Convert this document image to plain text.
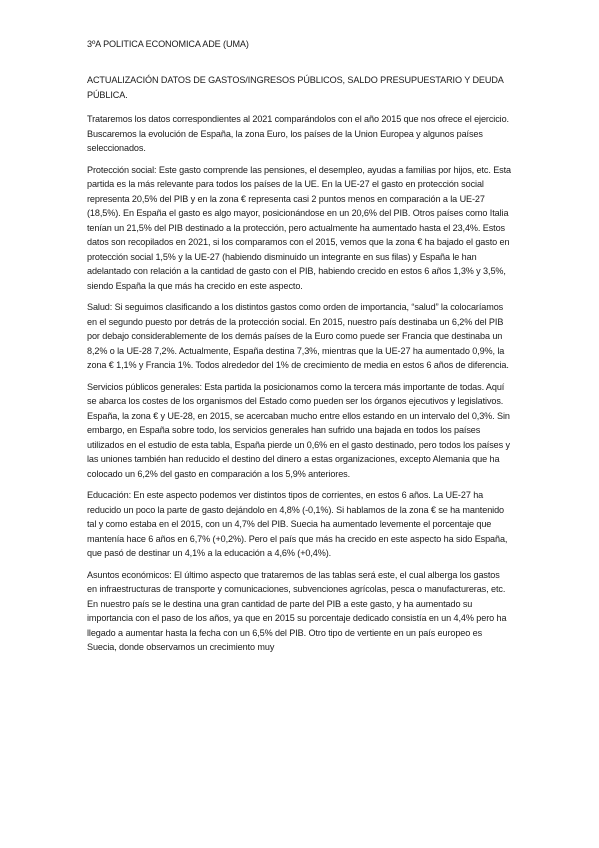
3ºA POLITICA ECONOMICA ADE (UMA)
ACTUALIZACIÓN DATOS DE GASTOS/INGRESOS PÚBLICOS, SALDO PRESUPUESTARIO Y DEUDA PÚBLICA.

Trataremos los datos correspondientes al 2021 comparándolos con el año 2015 que nos ofrece el ejercicio. Buscaremos la evolución de España, la zona Euro, los países de la Union Europea y algunos países seleccionados.

Protección social: Este gasto comprende las pensiones, el desempleo, ayudas a familias por hijos, etc. Esta partida es la más relevante para todos los países de la UE. En la UE-27 el gasto en protección social representa 20,5% del PIB y en la zona € representa casi 2 puntos menos en comparación a la UE-27 (18,5%). En España el gasto es algo mayor, posicionándose en un 20,6% del PIB. Otros países como Italia tenían un 21,5% del PIB destinado a la protección, pero actualmente ha aumentado hasta el 23,4%. Estos datos son recopilados en 2021, si los comparamos con el 2015, vemos que la zona € ha bajado el gasto en protección social 1,5% y la UE-27 (habiendo disminuido un integrante en sus filas) y España le han adelantado con relación a la cantidad de gasto con el PIB, habiendo crecido en estos 6 años 1,3% y 3,5%, siendo España la que más ha crecido en este aspecto.

Salud: Si seguimos clasificando a los distintos gastos como orden de importancia, “salud” la colocaríamos en el segundo puesto por detrás de la protección social. En 2015, nuestro país destinaba un 6,2% del PIB por debajo considerablemente de los demás países de la Euro como puede ser Francia que destinaba un 8,2% o la UE-28 7,2%. Actualmente, España destina 7,3%, mientras que la UE-27 ha aumentado 0,9%, la zona € 1,1% y Francia 1%. Todos alrededor del 1% de crecimiento de media en estos 6 años de diferencia.

Servicios públicos generales: Esta partida la posicionamos como la tercera más importante de todas. Aquí se abarca los costes de los organismos del Estado como pueden ser los órganos ejecutivos y legislativos. España, la zona € y UE-28, en 2015, se acercaban mucho entre ellos estando en un intervalo del 0,3%. Sin embargo, en España sobre todo, los servicios generales han sufrido una bajada en todos los países utilizados en el estudio de esta tabla, España pierde un 0,6% en el gasto destinado, pero todos los países y las uniones también han reducido el destino del dinero a estas organizaciones, excepto Alemania que ha colocado un 6,2% del gasto en comparación a los 5,9% anteriores.

Educación: En este aspecto podemos ver distintos tipos de corrientes, en estos 6 años. La UE-27 ha reducido un poco la parte de gasto dejándolo en 4,8% (-0,1%). Si hablamos de la zona € se ha mantenido tal y como estaba en el 2015, con un 4,7% del PIB. Suecia ha aumentado levemente el porcentaje que mantenía hace 6 años en 6,7% (+0,2%). Pero el país que más ha crecido en este aspecto ha sido España, que pasó de destinar un 4,1% a la educación a 4,6% (+0,4%).

Asuntos económicos: El último aspecto que trataremos de las tablas será este, el cual alberga los gastos en infraestructuras de transporte y comunicaciones, subvenciones agrícolas, pesca o manufactureras, etc. En nuestro país se le destina una gran cantidad de parte del PIB a este gasto, y ha aumentado su importancia con el paso de los años, ya que en 2015 su porcentaje dedicado consistía en un 4,4% pero ha llegado a aumentar hasta la fecha con un 6,5% del PIB. Otro tipo de vertiente en un país europeo es Suecia, donde observamos un crecimiento muy
